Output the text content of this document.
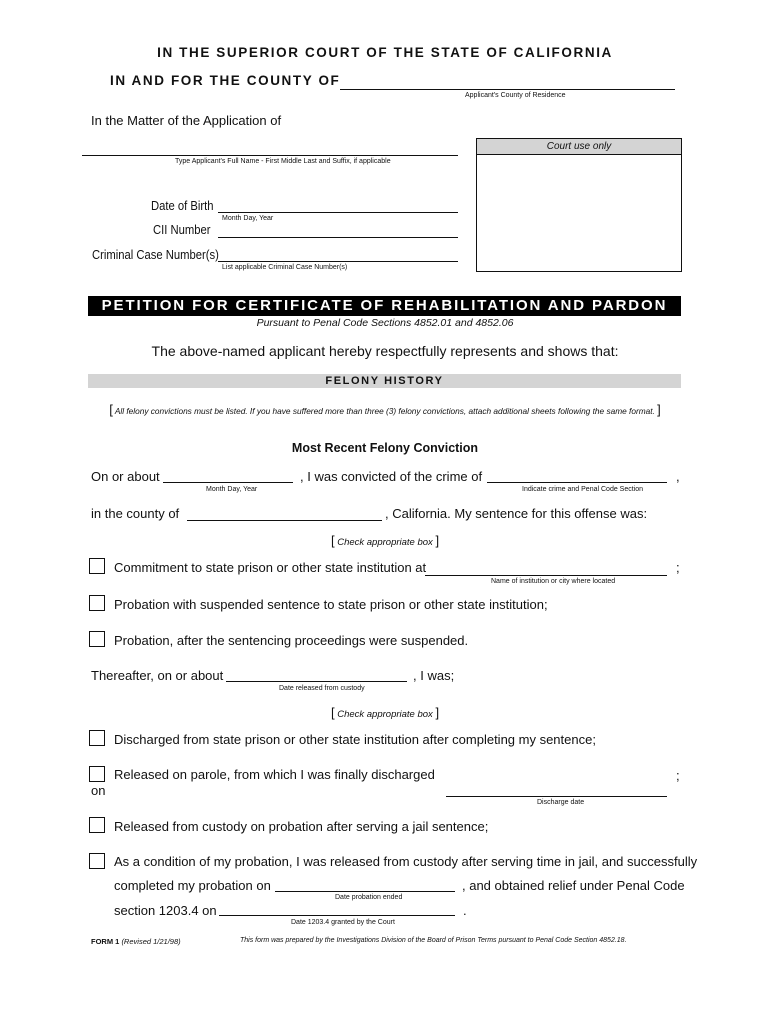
IN THE SUPERIOR COURT OF THE STATE OF CALIFORNIA
IN AND FOR THE COUNTY OF
Applicant's County of Residence
In the Matter of the Application of
Type Applicant's Full Name - First Middle Last and Suffix, if applicable
Date of Birth
Month Day, Year
CII Number
Criminal Case Number(s)
List applicable Criminal Case Number(s)
Court use only
PETITION FOR CERTIFICATE OF REHABILITATION AND PARDON
Pursuant to Penal Code Sections 4852.01 and 4852.06
The above-named applicant hereby respectfully represents and shows that:
FELONY HISTORY
[ All felony convictions must be listed. If you have suffered more than three (3) felony convictions, attach additional sheets following the same format. ]
Most Recent Felony Conviction
On or about
Month Day, Year
, I was convicted of the crime of
Indicate crime and Penal Code Section
,
in the county of	, California. My sentence for this offense was:
[ Check appropriate box ]
Commitment to state prison or other state institution at
Name of institution or city where located
;
Probation with suspended sentence to state prison or other state institution;
Probation, after the sentencing proceedings were suspended.
Thereafter, on or about
Date released from custody
, I was;
[ Check appropriate box ]
Discharged from state prison or other state institution after completing my sentence;
Released on parole, from which I was finally discharged	;
on
Discharge date
Released from custody on probation after serving a jail sentence;
As a condition of my probation, I was released from custody after serving time in jail, and successfully
completed my probation on
Date probation ended
, and obtained relief under Penal Code
section 1203.4 on
Date 1203.4 granted by the Court
.
FORM 1 (Revised 1/21/98)	This form was prepared by the Investigations Division of the Board of Prison Terms pursuant to Penal Code Section 4852.18.
